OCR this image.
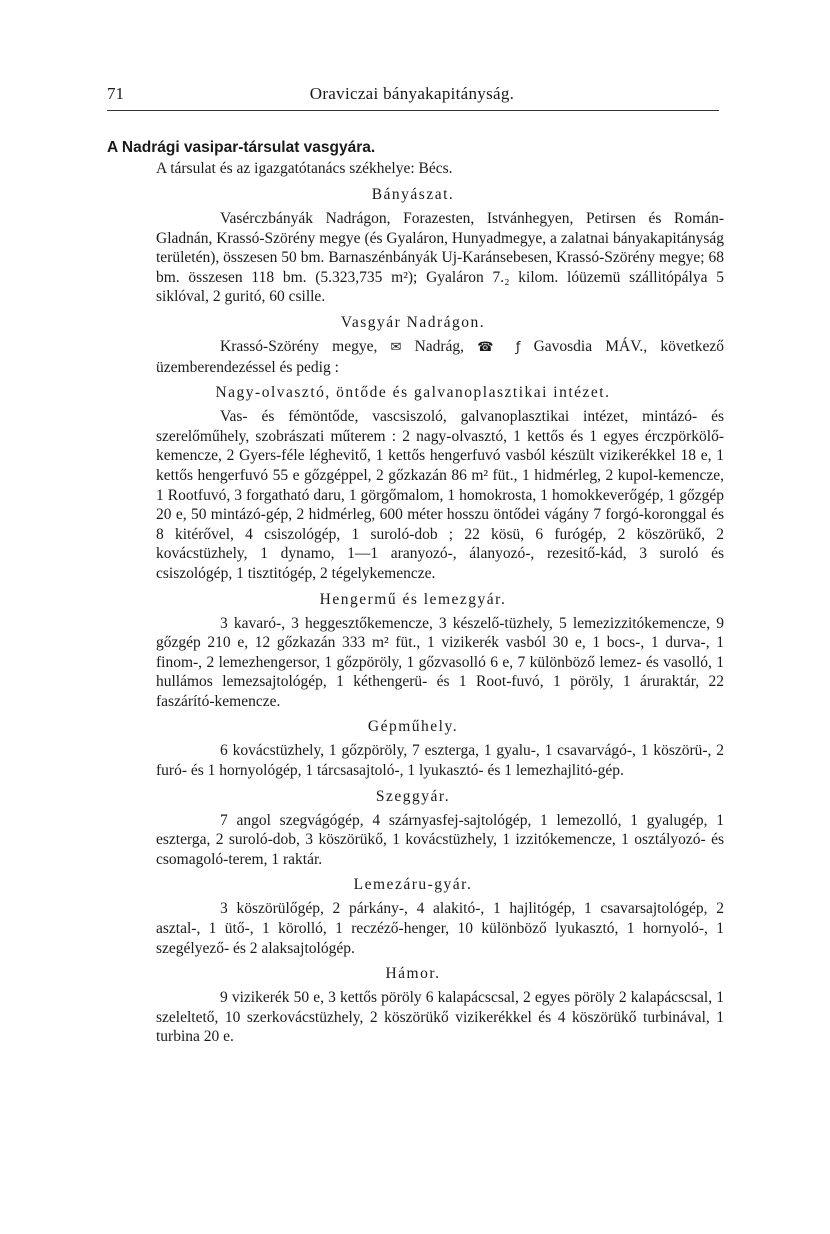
71	Oraviczai bányakapitányság.
A Nadrági vasipar-társulat vasgyára.
A társulat és az igazgatótanács székhelye: Bécs.
Bányászat.

Vasérczbányák Nadrágon, Forazesten, Istvánhegyen, Petirsen és Román-Gladnán, Krassó-Szörény megye (és Gyaláron, Hunyadmegye, a zalatnai bányakapitányság területén), összesen 50 bm. Barnaszénbányák Uj-Karánsebesen, Krassó-Szörény megye; 68 bm. összesen 118 bm. (5.323,735 m²); Gyaláron 7.₂ kilom. lóüzemü szállitópálya 5 siklóval, 2 guritó, 60 csille.

Vasgyár Nadrágon.

Krassó-Szörény megye, ✉ Nadrág, ☎ ƒ Gavosdia MÁV., következő üzemberendezéssel és pedig :

Nagy-olvasztó, öntőde és galvanoplasztikai intézet.

Vas- és fémöntőde, vascsiszoló, galvanoplasztikai intézet, mintázó- és szerelőműhely, szobrászati műterem : 2 nagy-olvasztó, 1 kettős és 1 egyes érczpörkölő-kemencze, 2 Gyers-féle léghevitő, 1 kettős hengerfuvó vasból készült vizikerékkel 18 e, 1 kettős hengerfuvó 55 e gőzgéppel, 2 gőzkazán 86 m² füt., 1 hidmérleg, 2 kupol-kemencze, 1 Rootfuvó, 3 forgatható daru, 1 görgőmalom, 1 homokrosta, 1 homokkeverőgép, 1 gőzgép 20 e, 50 mintázó-gép, 2 hidmérleg, 600 méter hosszu öntődei vágány 7 forgó-koronggal és 8 kitérővel, 4 csiszológép, 1 suroló-dob ; 22 kösü, 6 furógép, 2 köszörükő, 2 kovácstüzhely, 1 dynamo, 1—1 aranyozó-, álanyozó-, rezesitő-kád, 3 suroló és csiszológép, 1 tisztitógép, 2 tégelykemencze.

Hengermű és lemezgyár.

3 kavaró-, 3 heggesztőkemencze, 3 készelő-tüzhely, 5 lemezizzitókemencze, 9 gőzgép 210 e, 12 gőzkazán 333 m² füt., 1 vizikerék vasból 30 e, 1 bocs-, 1 durva-, 1 finom-, 2 lemezhengersor, 1 gőzpöröly, 1 gőzvasolló 6 e, 7 különböző lemez- és vasolló, 1 hullámos lemezsajtológép, 1 kéthengerü- és 1 Root-fuvó, 1 pöröly, 1 áruraktár, 22 faszárító-kemencze.

Gépműhely.

6 kovácstüzhely, 1 gőzpöröly, 7 eszterga, 1 gyalu-, 1 csavarvágó-, 1 köszörü-, 2 furó- és 1 hornyológép, 1 tárcsasajtoló-, 1 lyukasztó- és 1 lemezhajlitó-gép.

Szeggyár.

7 angol szegvágógép, 4 szárnyasfej-sajtológép, 1 lemezolló, 1 gyalugép, 1 eszterga, 2 suroló-dob, 3 köszörükő, 1 kovácstüzhely, 1 izzitókemencze, 1 osztályozó- és csomagoló-terem, 1 raktár.

Lemezáru-gyár.

3 köszörülőgép, 2 párkány-, 4 alakitó-, 1 hajlitógép, 1 csavarsajtológép, 2 asztal-, 1 ütő-, 1 körolló, 1 reczéző-henger, 10 különböző lyukasztó, 1 hornyoló-, 1 szegélyező- és 2 alaksajtológép.

Hámor.

9 vizikerék 50 e, 3 kettős pöröly 6 kalapácscsal, 2 egyes pöröly 2 kalapácscsal, 1 szeleltető, 10 szerkovácstüzhely, 2 köszörükő vizikerékkel és 4 köszörükő turbinával, 1 turbina 20 e.
